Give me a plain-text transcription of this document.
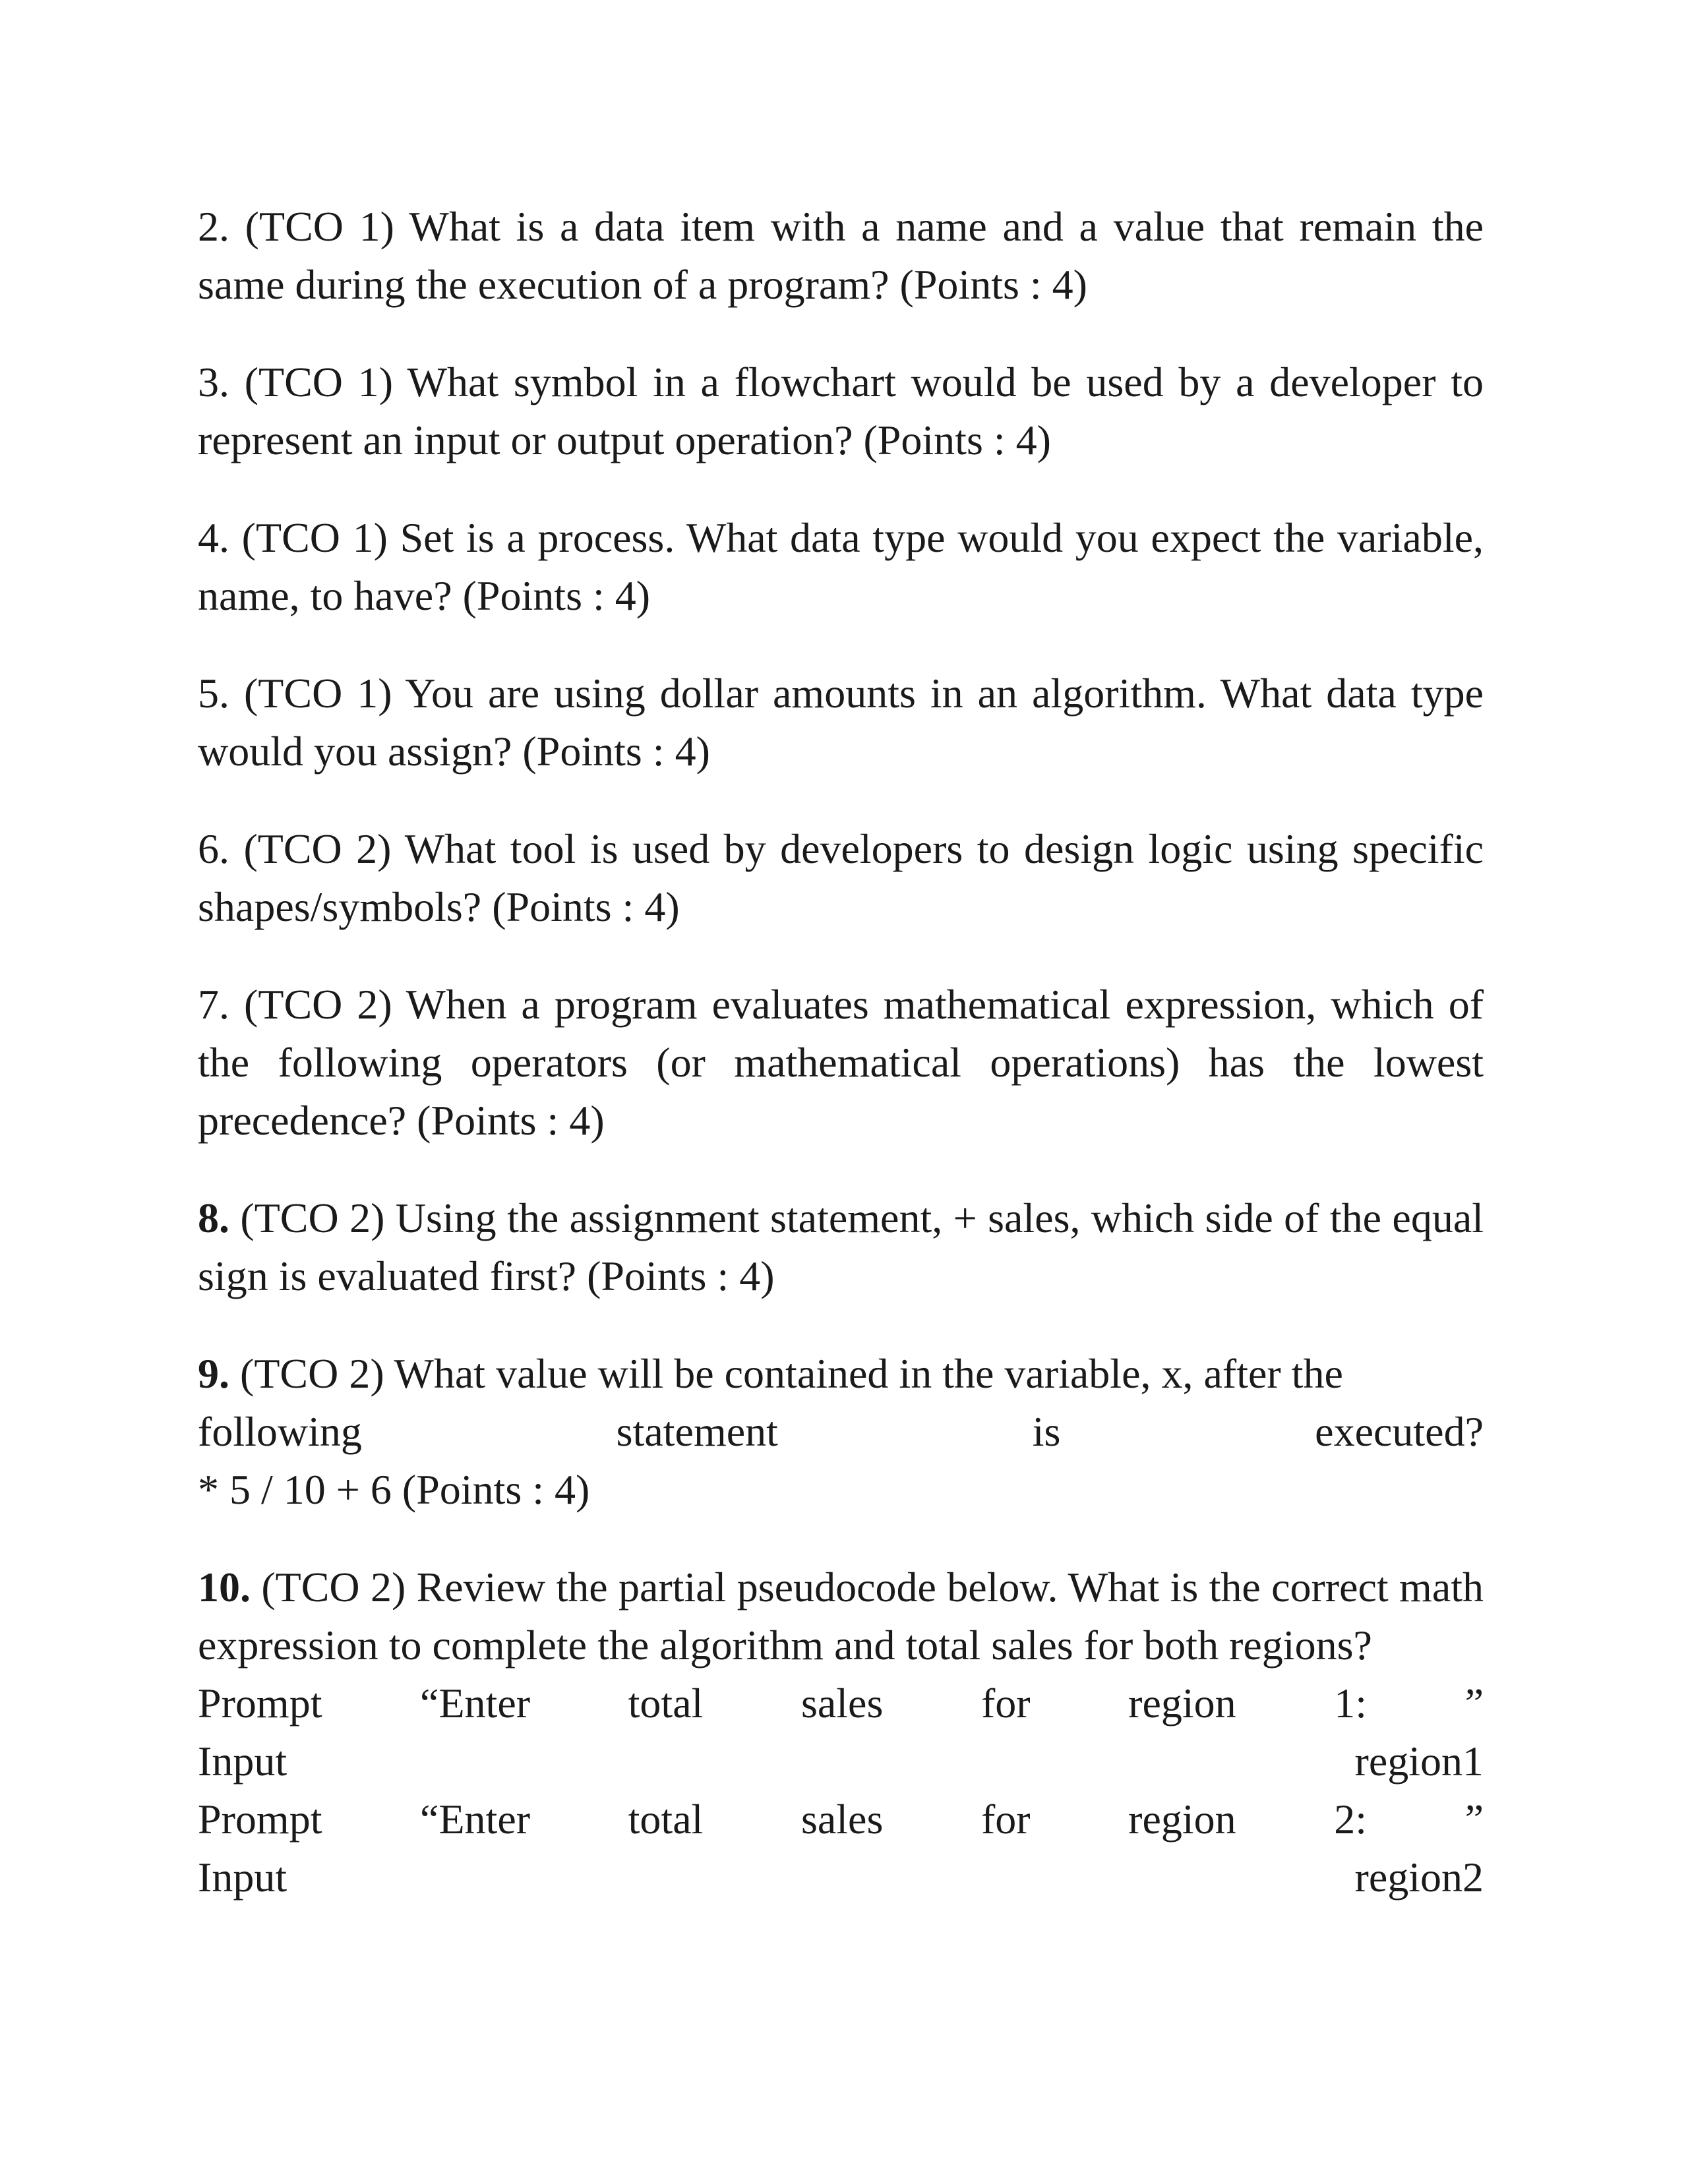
2. (TCO 1) What is a data item with a name and a value that remain the same during the execution of a program? (Points : 4)

3. (TCO 1) What symbol in a flowchart would be used by a developer to represent an input or output operation? (Points : 4)

4. (TCO 1) Set is a process. What data type would you expect the variable, name, to have? (Points : 4)

5. (TCO 1) You are using dollar amounts in an algorithm. What data type would you assign? (Points : 4)

6. (TCO 2) What tool is used by developers to design logic using specific shapes/symbols? (Points : 4)

7. (TCO 2) When a program evaluates mathematical expression, which of the following operators (or mathematical operations) has the lowest precedence? (Points : 4)

8. (TCO 2) Using the assignment statement, + sales, which side of the equal sign is evaluated first? (Points : 4)

9. (TCO 2) What value will be contained in the variable, x, after the
following	statement	is	executed?
* 5 / 10 + 6 (Points : 4)

10. (TCO 2) Review the partial pseudocode below. What is the correct math expression to complete the algorithm and total sales for both regions?

Prompt “Enter total sales for region 1: ”
Input	region1
Prompt “Enter total sales for region 2: ”
Input	region2
